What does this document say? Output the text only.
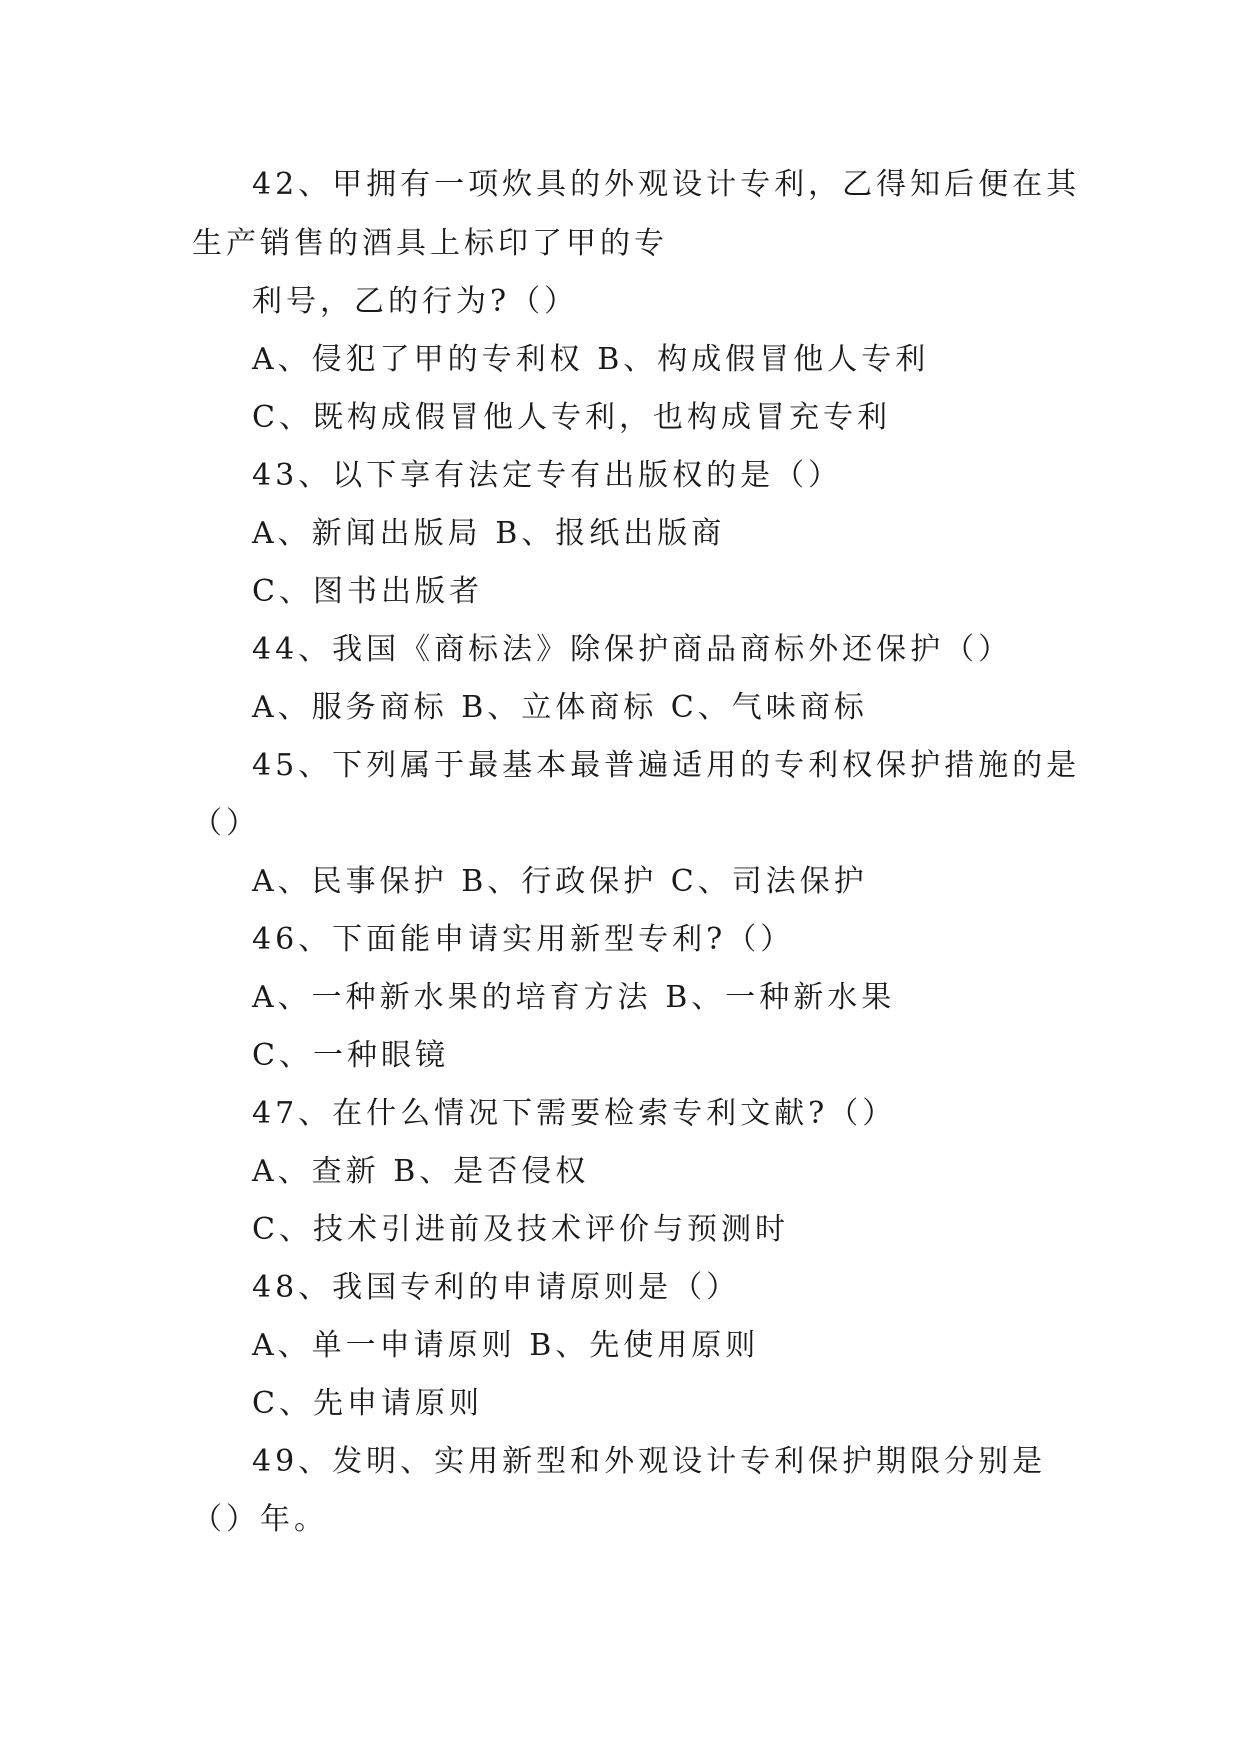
42、甲拥有一项炊具的外观设计专利，乙得知后便在其
生产销售的酒具上标印了甲的专
利号，乙的行为?（）
A、侵犯了甲的专利权 B、构成假冒他人专利
C、既构成假冒他人专利，也构成冒充专利
43、以下享有法定专有出版权的是（）
A、新闻出版局 B、报纸出版商
C、图书出版者
44、我国《商标法》除保护商品商标外还保护（）
A、服务商标 B、立体商标 C、气味商标
45、下列属于最基本最普遍适用的专利权保护措施的是
（）
A、民事保护 B、行政保护 C、司法保护
46、下面能申请实用新型专利?（）
A、一种新水果的培育方法 B、一种新水果
C、一种眼镜
47、在什么情况下需要检索专利文献?（）
A、查新 B、是否侵权
C、技术引进前及技术评价与预测时
48、我国专利的申请原则是（）
A、单一申请原则 B、先使用原则
C、先申请原则
49、发明、实用新型和外观设计专利保护期限分别是
（）年。
